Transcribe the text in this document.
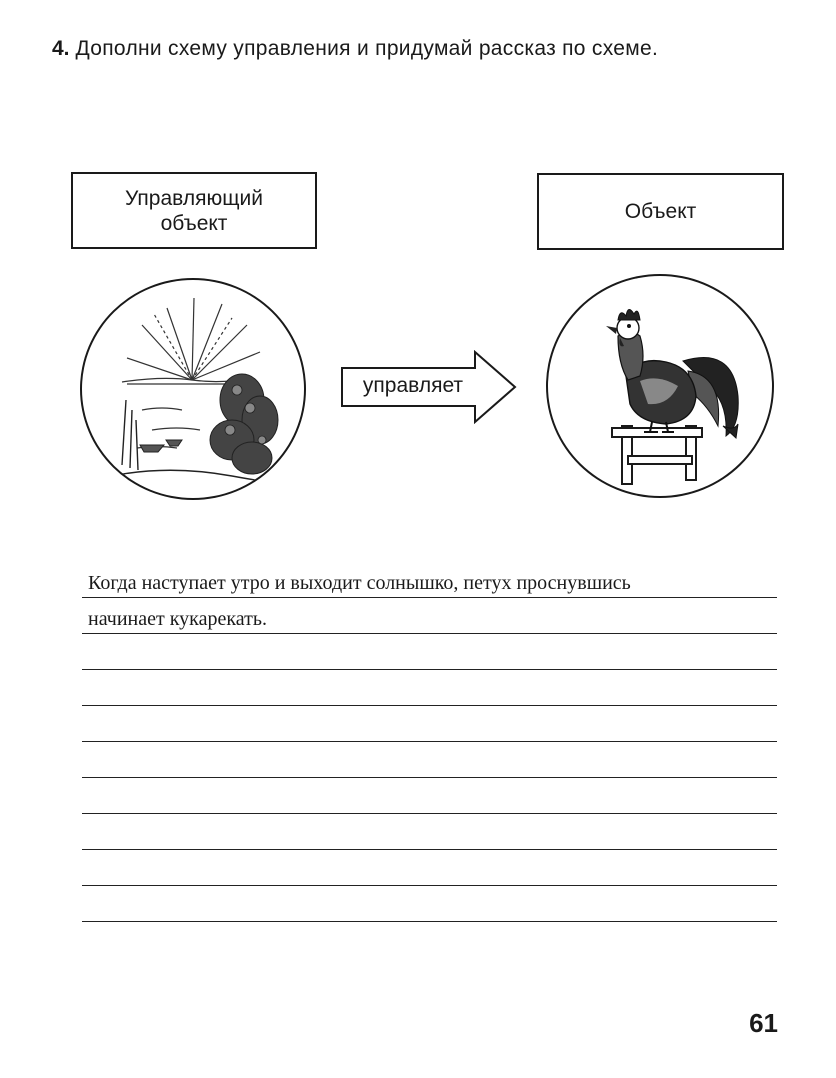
4. Дополни схему управления и придумай рассказ по схеме.
Управляющий объект	Объект
управляет
Когда наступает утро и выходит солнышко, петух проснувшись
начинает кукарекать.
61
